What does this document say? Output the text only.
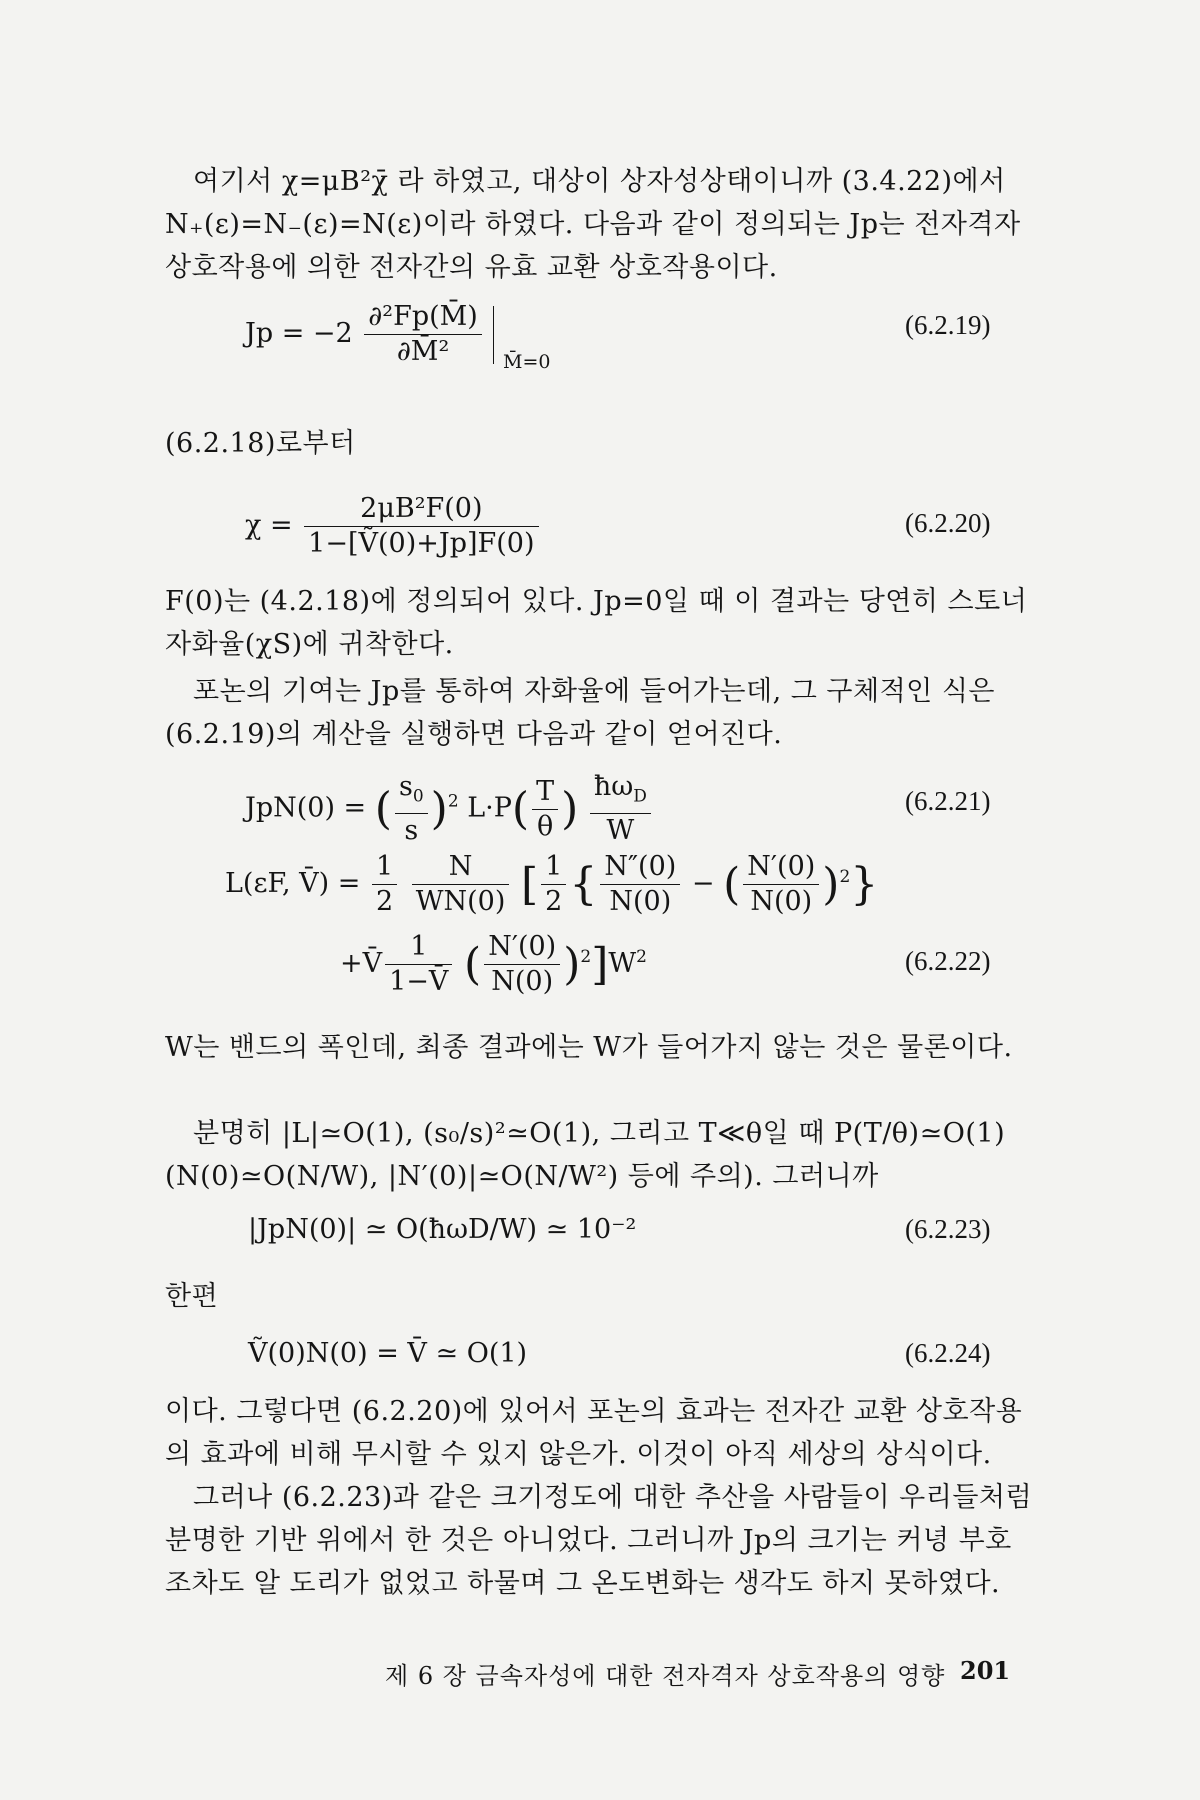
여기서 χ=μB²χ̄ 라 하였고, 대상이 상자성상태이니까 (3.4.22)에서 N₊(ε)=N₋(ε)=N(ε)이라 하였다. 다음과 같이 정의되는 Jp는 전자격자 상호작용에 의한 전자간의 유효 교환 상호작용이다.

$Jp = -2 \frac{\text{∂²Fp(M̄)}}{\text{∂M̄²}} _{M̄=0}$
(6.2.19)

(6.2.18)로부터

$\chi = \frac{\text{2μB²F(0)}}{\text{1−[Ṽ(0)+Jp]F(0)}}$	(6.2.20)

F(0)는 (4.2.18)에 정의되어 있다. Jp=0일 때 이 결과는 당연히 스토너 자화율(χS)에 귀착한다.

포논의 기여는 Jp를 통하여 자화율에 들어가는데, 그 구체적인 식은 (6.2.19)의 계산을 실행하면 다음과 같이 얻어진다.

JpN(0) = ( $\frac{s_0}{s} )^2$ $L\cdot P( \frac{T}{\theta}$ ) $\frac{ħ\omega_D}{W}$	(6.2.21)
L(εF, V̄) = $\frac{1}{2}$
$\frac{N}{WN(0)}$ [ $\frac{1}{2}$ { $\frac{N''(0)}{N(0)}$ − ( $\frac{N'(0)}{N(0)} )^2$}
+V̄ $\frac{1}{1-V̄}$ ( $\frac{N'(0)}{N(0)} )^2]W^2$	(6.2.22)

W는 밴드의 폭인데, 최종 결과에는 W가 들어가지 않는 것은 물론이다.

분명히 |L|≃O(1), (s₀/s)²≃O(1), 그리고 T≪θ일 때 P(T/θ)≃O(1) (N(0)≃O(N/W), |N′(0)|≃O(N/W²) 등에 주의). 그러니까

|JpN(0)| ≃ O(ħωD/W) ≃ 10⁻²	(6.2.23)

한편

Ṽ(0)N(0) = V̄ ≃ O(1)	(6.2.24)

이다. 그렇다면 (6.2.20)에 있어서 포논의 효과는 전자간 교환 상호작용의 효과에 비해 무시할 수 있지 않은가. 이것이 아직 세상의 상식이다.

그러나 (6.2.23)과 같은 크기정도에 대한 추산을 사람들이 우리들처럼 분명한 기반 위에서 한 것은 아니었다. 그러니까 Jp의 크기는 커녕 부호조차도 알 도리가 없었고 하물며 그 온도변화는 생각도 하지 못하였다.

제 6 장 금속자성에 대한 전자격자 상호작용의 영향 201
